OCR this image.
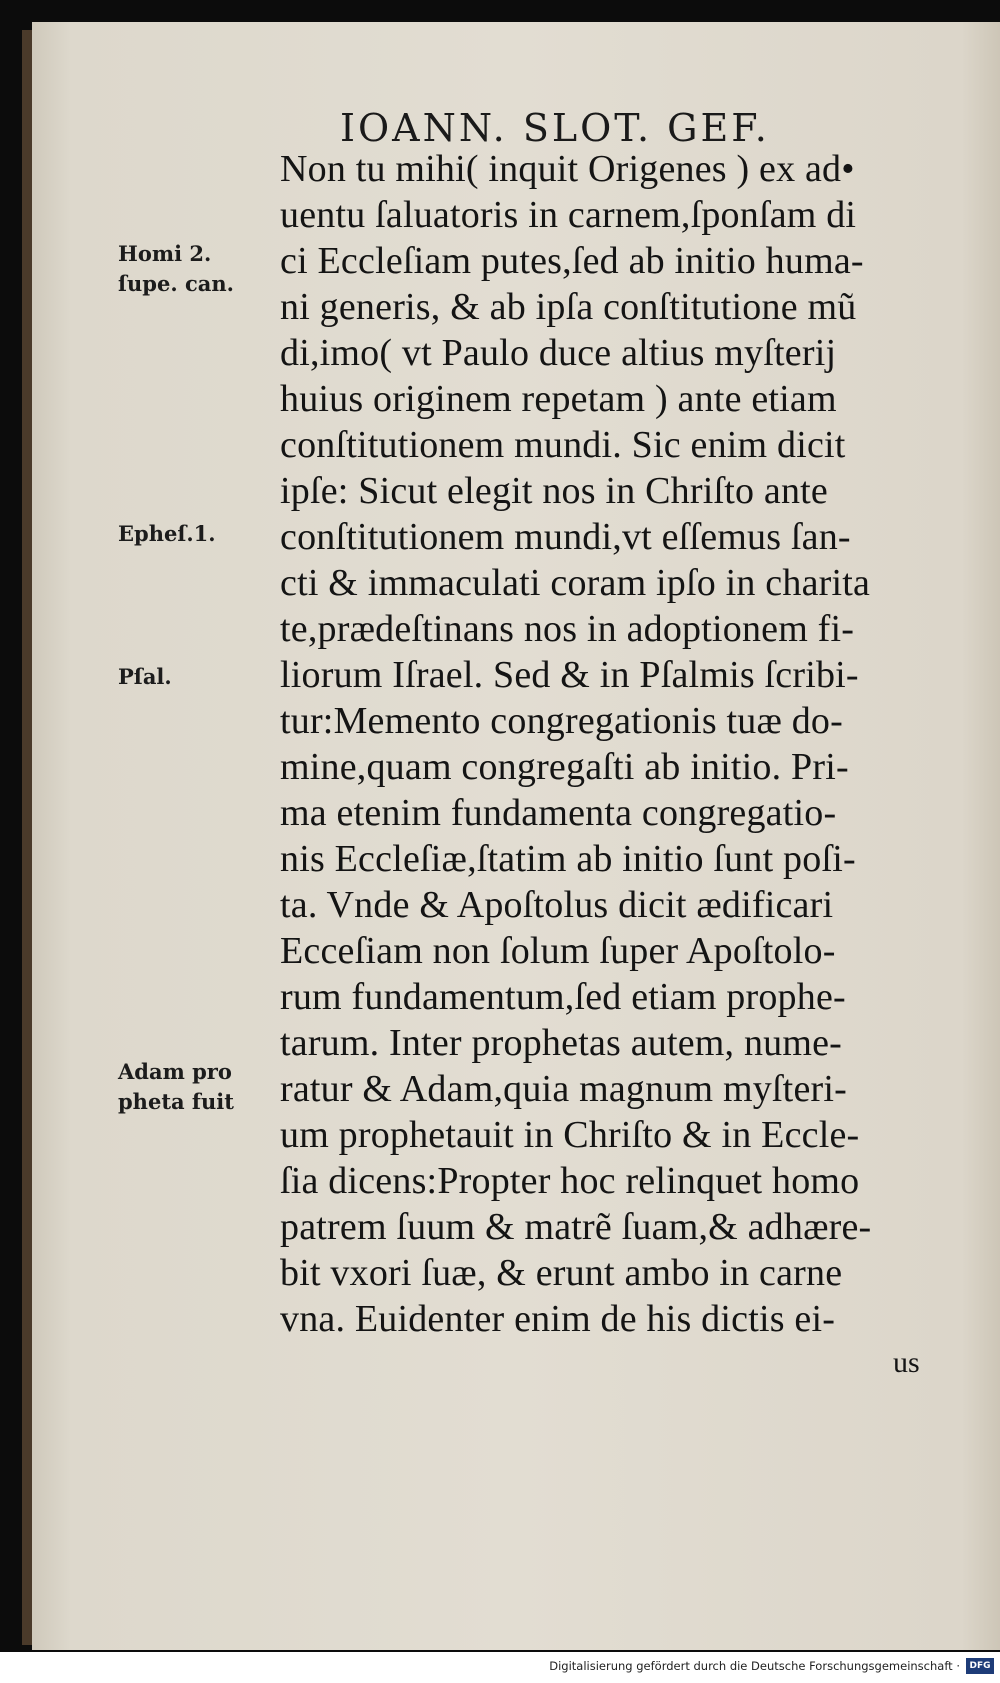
IOANN. SLOT. GEF.
Non tu mihi( inquit Origenes ) ex ad•
uentu ſaluatoris in carnem,ſponſam di
ci Eccleſiam putes,ſed ab initio huma-
ni generis, & ab ipſa conſtitutione mũ
di,imo( vt Paulo duce altius myſterij
huius originem repetam ) ante etiam
conſtitutionem mundi. Sic enim dicit
ipſe: Sicut elegit nos in Chriſto ante
conſtitutionem mundi,vt eſſemus ſan-
cti & immaculati coram ipſo in charita
te,prædeſtinans nos in adoptionem fi-
liorum Iſrael. Sed & in Pſalmis ſcribi-
tur:Memento congregationis tuæ do-
mine,quam congregaſti ab initio. Pri-
ma etenim fundamenta congregatio-
nis Eccleſiæ,ſtatim ab initio ſunt poſi-
ta. Vnde & Apoſtolus dicit ædificari
Ecceſiam non ſolum ſuper Apoſtolo-
rum fundamentum,ſed etiam prophe-
tarum. Inter prophetas autem, nume-
ratur & Adam,quia magnum myſteri-
um prophetauit in Chriſto & in Eccle-
ſia dicens:Propter hoc relinquet homo
patrem ſuum & matrẽ ſuam,& adhære-
bit vxori ſuæ, & erunt ambo in carne
vna. Euidenter enim de his dictis ei-
us
Homi 2.
ſupe. can.
Epheſ.1.
Pſal.
Adam pro
pheta fuit
Digitalisierung gefördert durch die Deutsche Forschungsgemeinschaft ·	DFG
